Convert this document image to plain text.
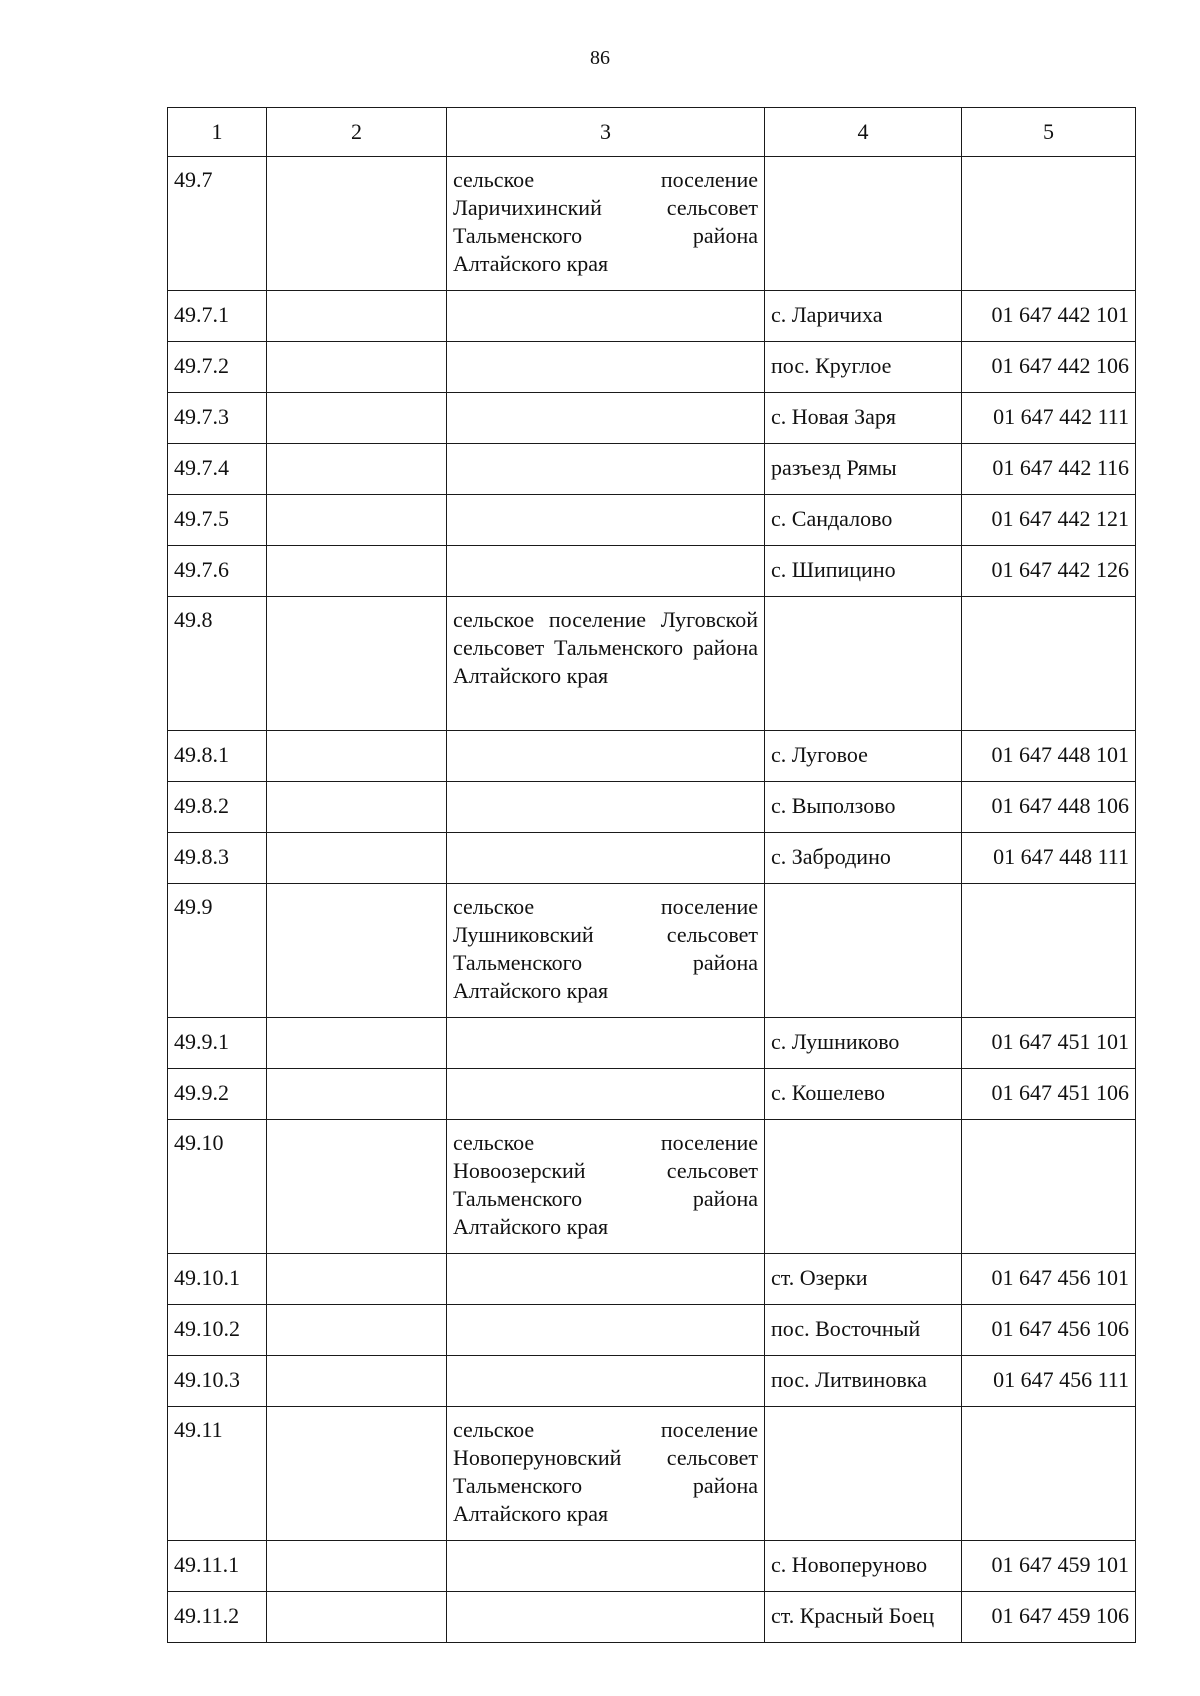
86
1	2	3	4	5
49.7		сельское поселение Ларичихинский сельсовет Тальменского района Алтайского края		
49.7.1			с. Ларичиха	01 647 442 101
49.7.2			пос. Круглое	01 647 442 106
49.7.3			с. Новая Заря	01 647 442 111
49.7.4			разъезд Рямы	01 647 442 116
49.7.5			с. Сандалово	01 647 442 121
49.7.6			с. Шипицино	01 647 442 126
49.8		сельское поселение Луговской сельсовет Тальменского района Алтайского края		
49.8.1			с. Луговое	01 647 448 101
49.8.2			с. Выползово	01 647 448 106
49.8.3			с. Забродино	01 647 448 111
49.9		сельское поселение Лушниковский сельсовет Тальменского района Алтайского края		
49.9.1			с. Лушниково	01 647 451 101
49.9.2			с. Кошелево	01 647 451 106
49.10		сельское поселение Новоозерский сельсовет Тальменского района Алтайского края		
49.10.1			ст. Озерки	01 647 456 101
49.10.2			пос. Восточный	01 647 456 106
49.10.3			пос. Литвиновка	01 647 456 111
49.11		сельское поселение Новоперуновский сельсовет Тальменского района Алтайского края		
49.11.1			с. Новоперуново	01 647 459 101
49.11.2			ст. Красный Боец	01 647 459 106
